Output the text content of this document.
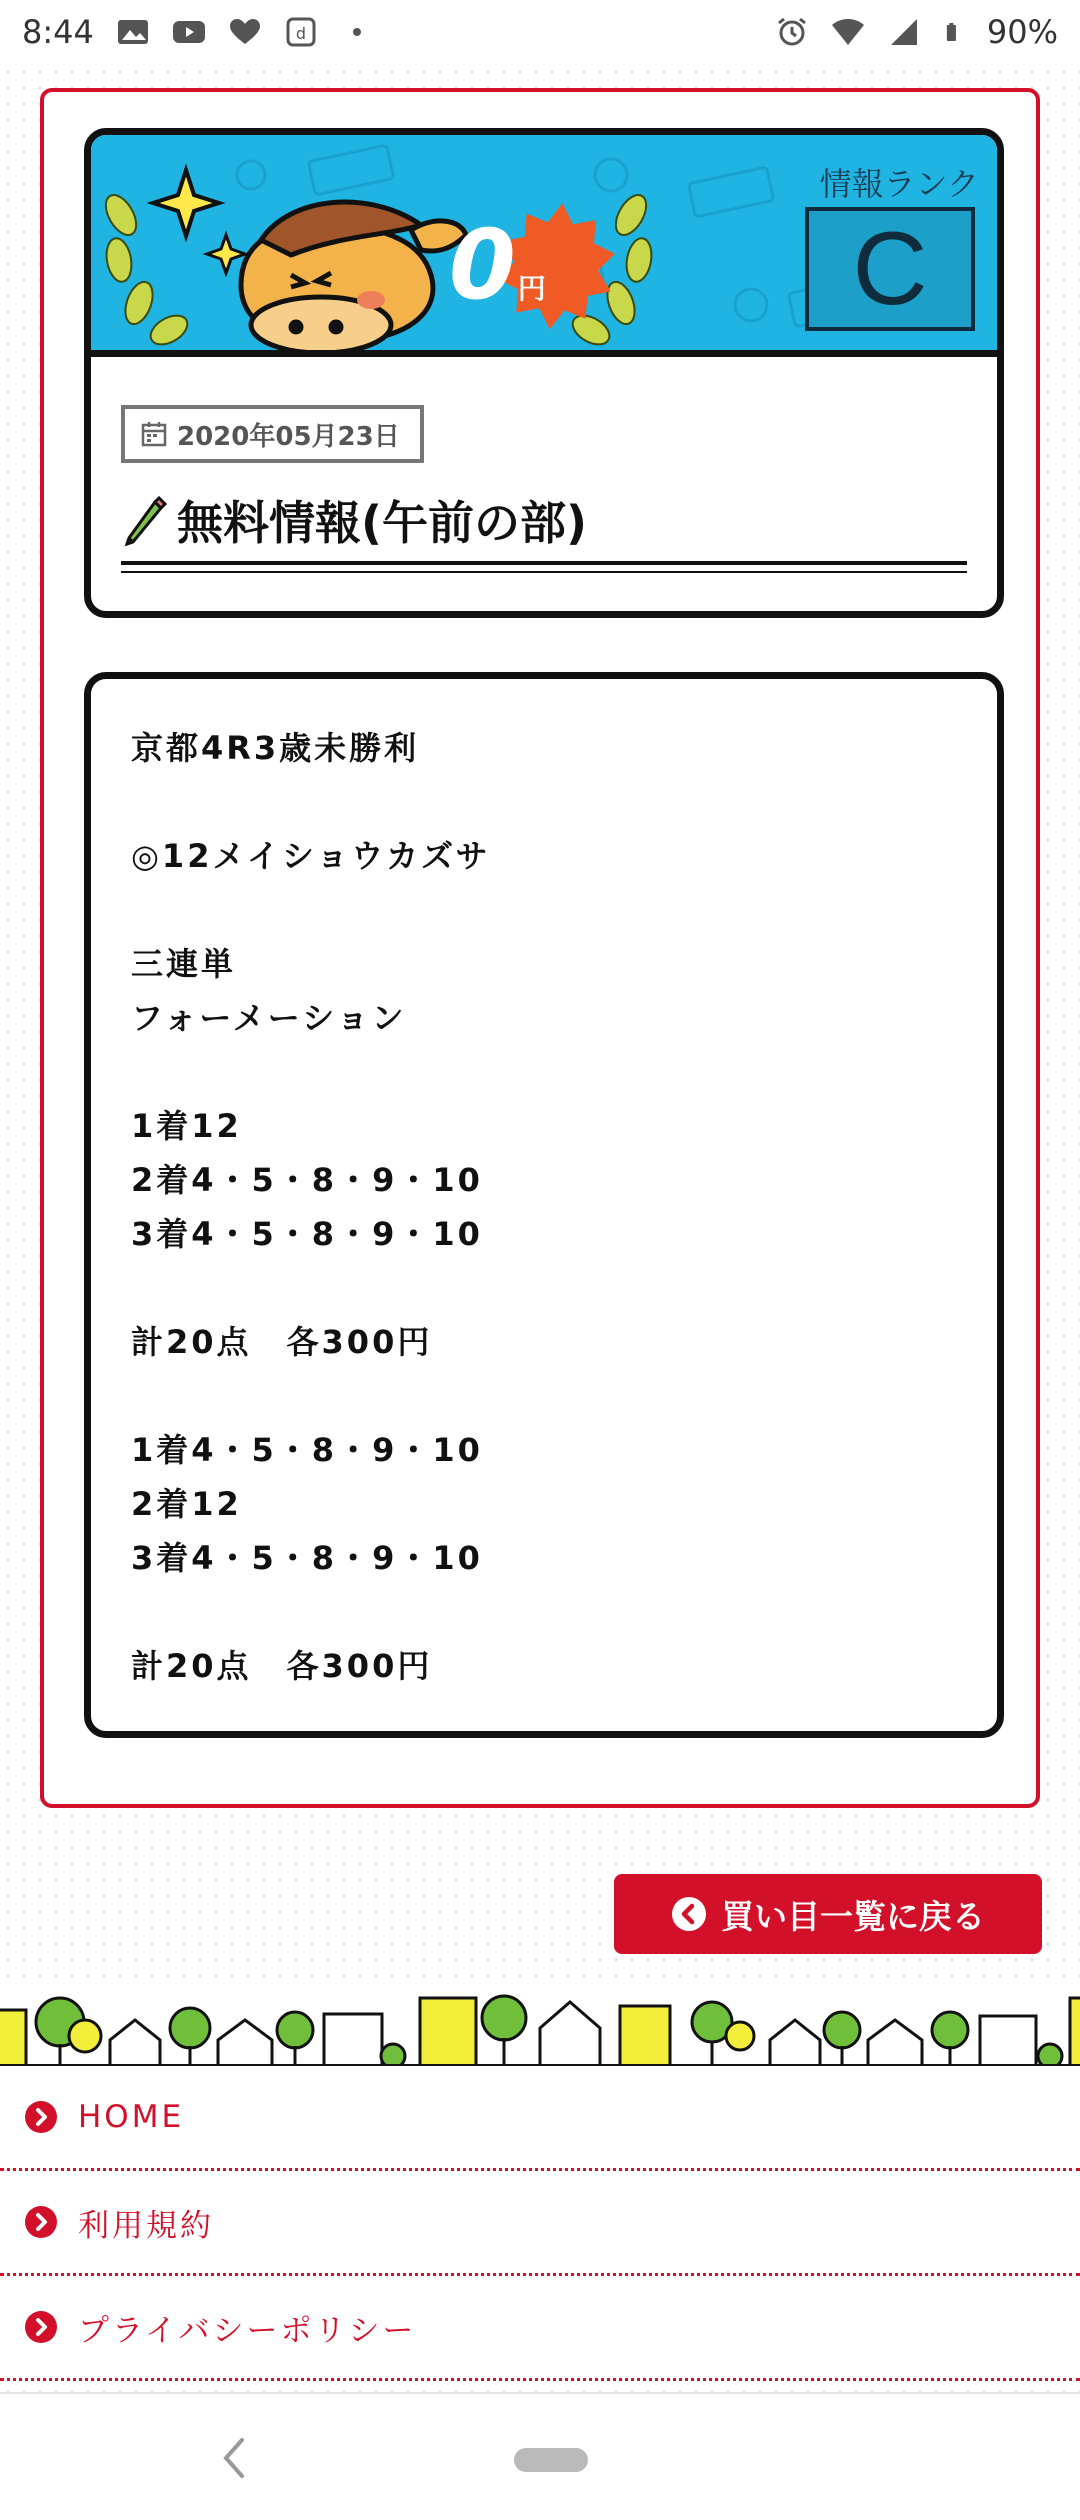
8:44	d	90%
0 円
情報ランク
C
2020年05月23日
無料情報(午前の部)
京都4R3歳未勝利
◎12メイショウカズサ
三連単
フォーメーション
1着12
2着4・5・8・9・10
3着4・5・8・9・10
計20点　各300円
1着4・5・8・9・10
2着12
3着4・5・8・9・10
計20点　各300円
買い目一覧に戻る
HOME
利用規約
プライバシーポリシー
